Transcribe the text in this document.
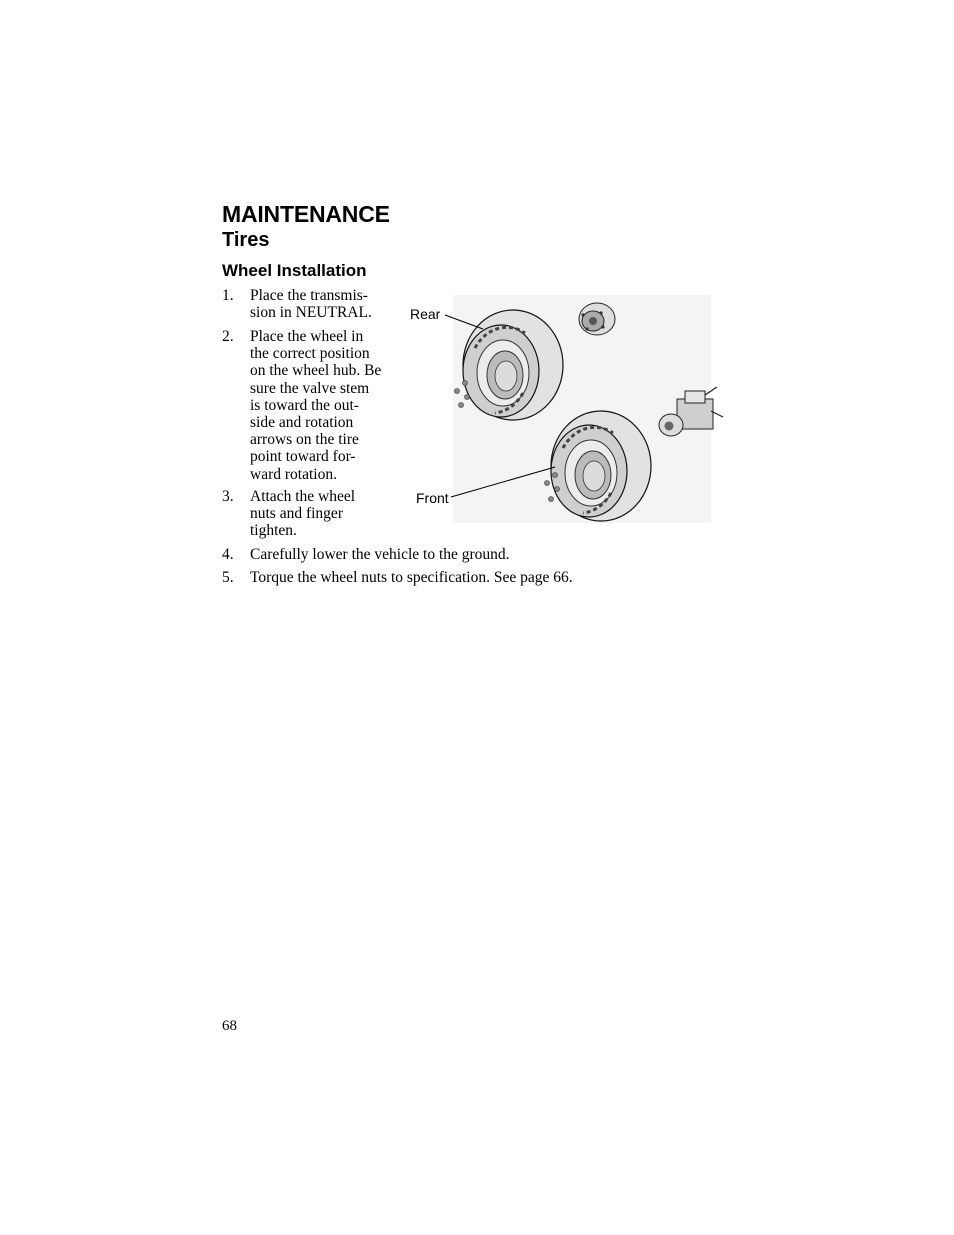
MAINTENANCE
Tires
Wheel Installation
1.	Place the transmis-
sion in NEUTRAL.
2.	Place the wheel in
the correct position
on the wheel hub. Be
sure the valve stem
is toward the out-
side and rotation
arrows on the tire
point toward for-
ward rotation.
3.	Attach the wheel
nuts and finger
tighten.
4.	Carefully lower the vehicle to the ground.
5.	Torque the wheel nuts to specification. See page 66.
Rear
Front
68
